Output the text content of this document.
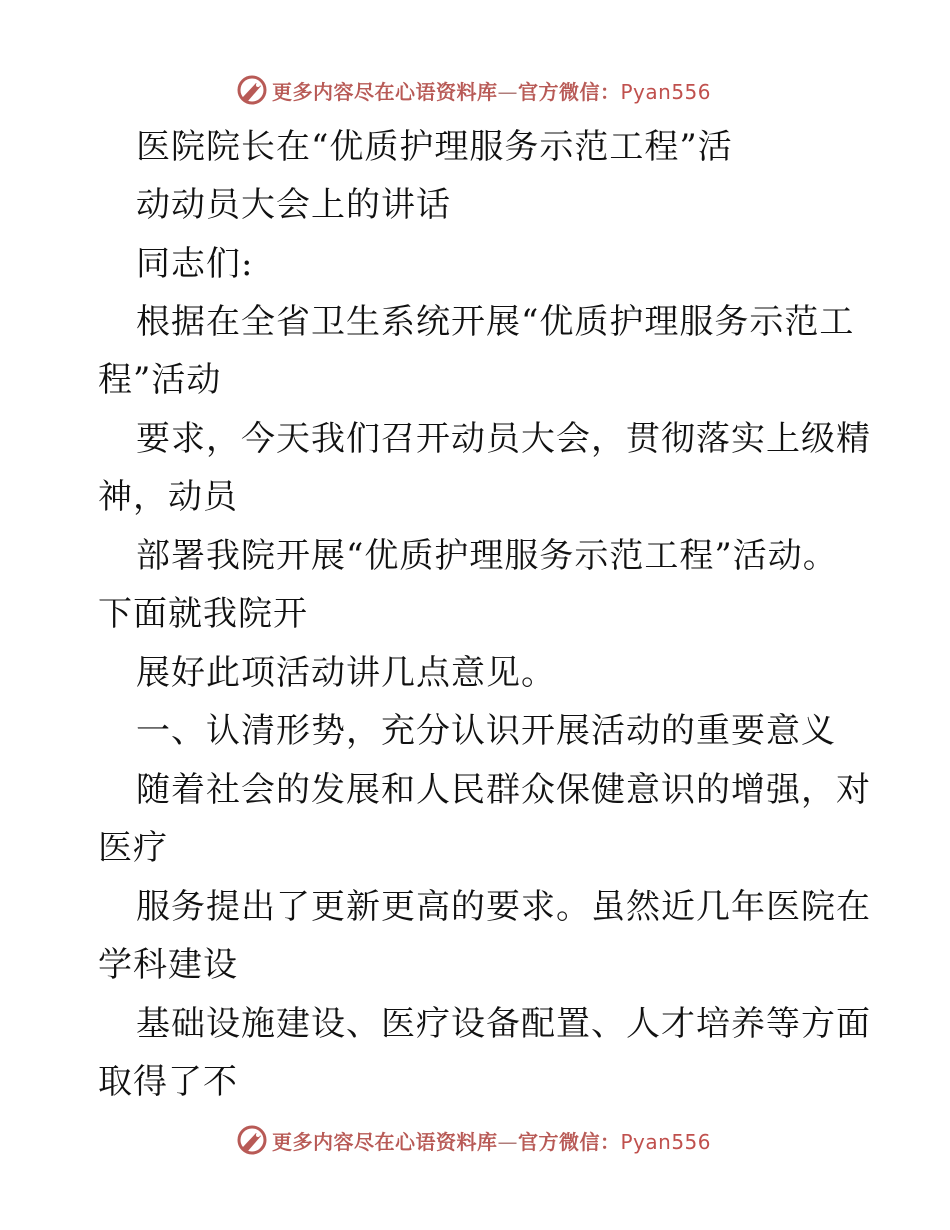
更多内容尽在心语资料库—官方微信：Pyan556
医院院长在“优质护理服务示范工程”活
动动员大会上的讲话
同志们:
根据在全省卫生系统开展“优质护理服务示范工
程”活动
要求，今天我们召开动员大会，贯彻落实上级精
神，动员
部署我院开展“优质护理服务示范工程”活动。
下面就我院开
展好此项活动讲几点意见。
一、认清形势，充分认识开展活动的重要意义
随着社会的发展和人民群众保健意识的增强，对
医疗
服务提出了更新更高的要求。虽然近几年医院在
学科建设
基础设施建设、医疗设备配置、人才培养等方面
取得了不
更多内容尽在心语资料库—官方微信：Pyan556
